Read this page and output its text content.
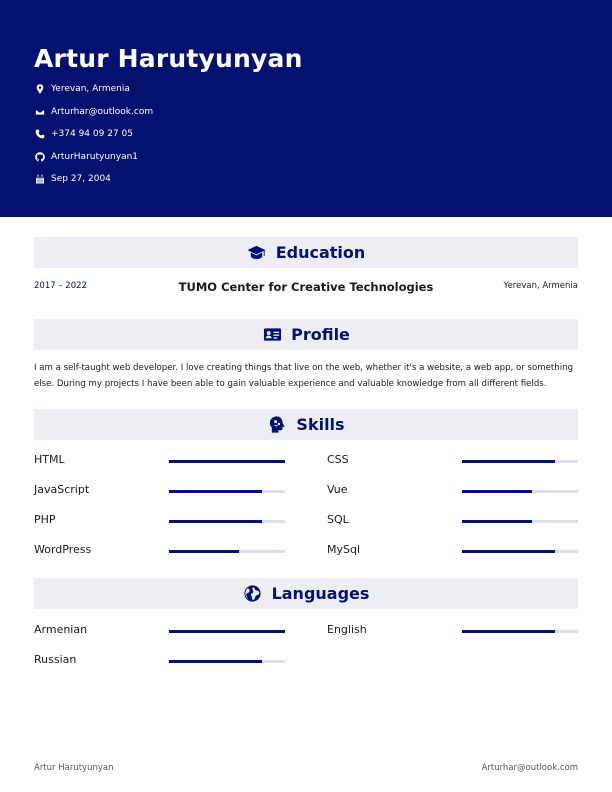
Artur Harutyunyan
Yerevan, Armenia
Arturhar@outlook.com
+374 94 09 27 05
ArturHarutyunyan1
Sep 27, 2004
Education
2017 – 2022	TUMO Center for Creative Technologies	Yerevan, Armenia
Profile
I am a self-taught web developer. I love creating things that live on the web, whether it's a website, a web app, or something else. During my projects I have been able to gain valuable experience and valuable knowledge from all different fields.
Skills
HTML	CSS
JavaScript	Vue
PHP	SQL
WordPress	MySql
Languages
Armenian	English
Russian
Artur Harutyunyan	Arturhar@outlook.com
